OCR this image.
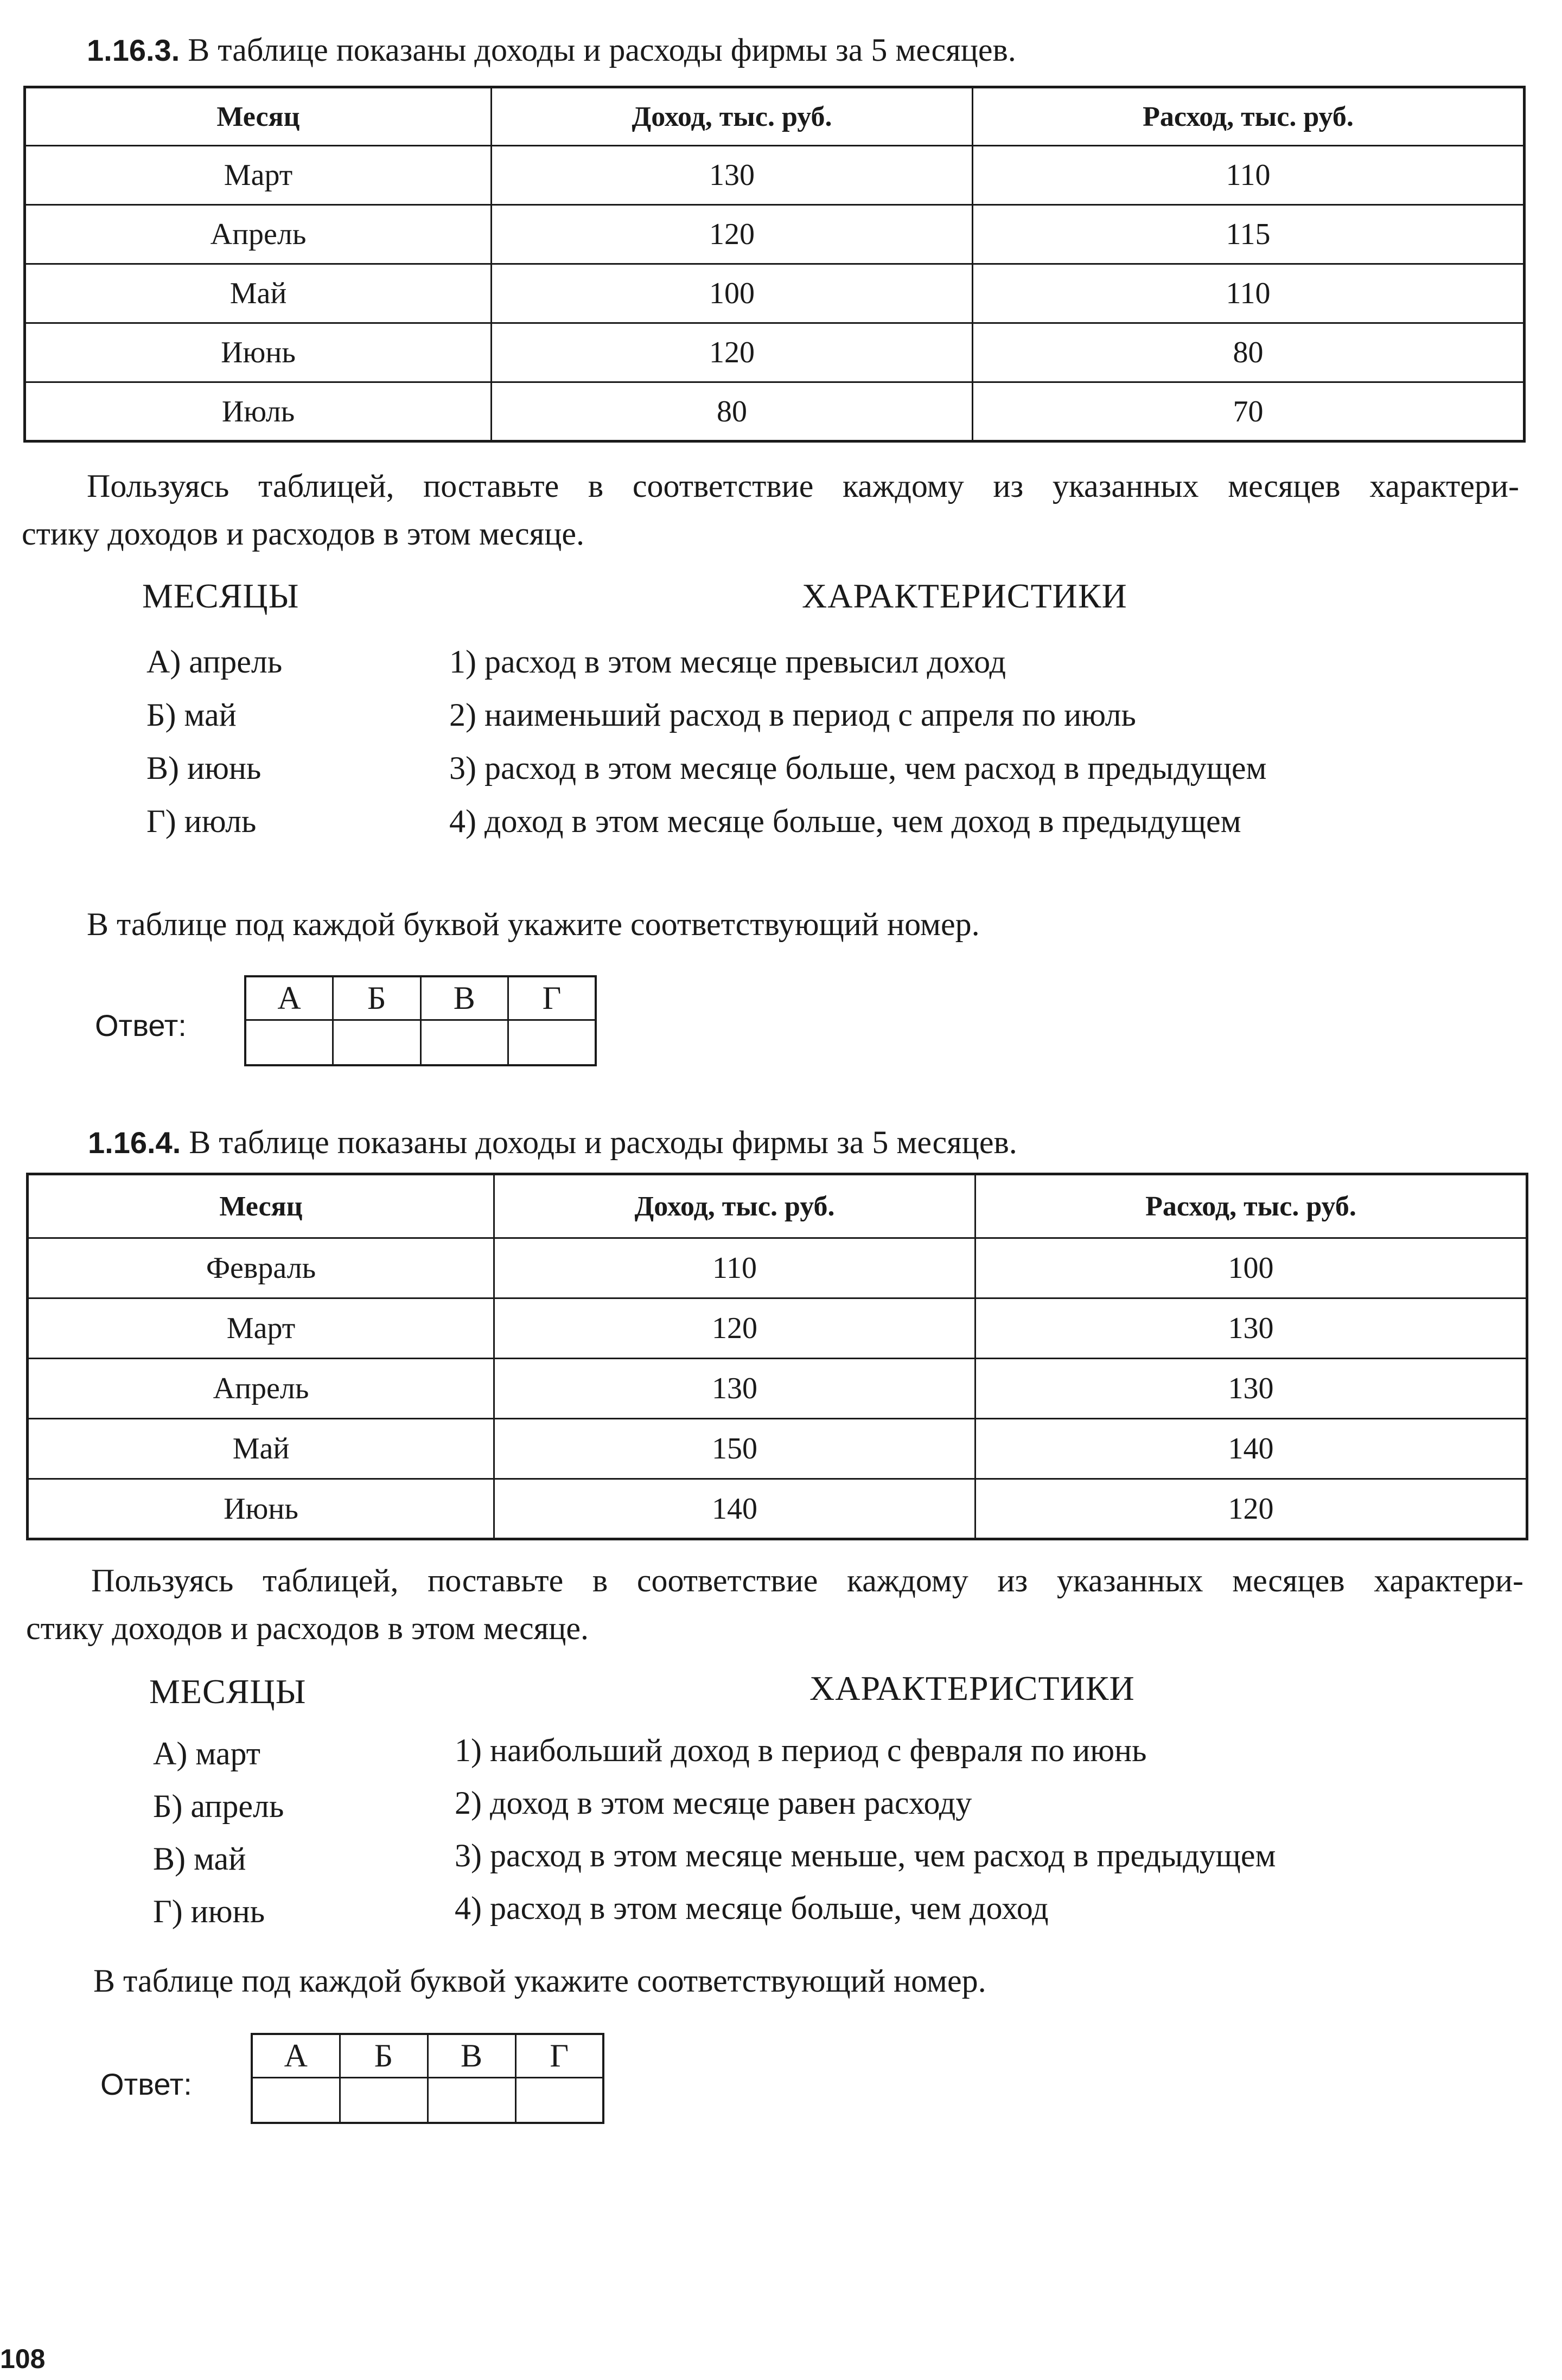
1.16.3. В таблице показаны доходы и расходы фирмы за 5 месяцев.
Месяц	Доход, тыс. руб.	Расход, тыс. руб.
Март	130	110
Апрель	120	115
Май	100	110
Июнь	120	80
Июль	80	70
Пользуясь таблицей, поставьте в соответствие каждому из указанных месяцев характери-
стику доходов и расходов в этом месяце.
МЕСЯЦЫ	ХАРАКТЕРИСТИКИ
А) апрель
Б) май
В) июнь
Г) июль
1) расход в этом месяце превысил доход
2) наименьший расход в период с апреля по июль
3) расход в этом месяце больше, чем расход в предыдущем
4) доход в этом месяце больше, чем доход в предыдущем
В таблице под каждой буквой укажите соответствующий номер.
Ответ:
А	Б	В	Г

1.16.4. В таблице показаны доходы и расходы фирмы за 5 месяцев.
Месяц	Доход, тыс. руб.	Расход, тыс. руб.
Февраль	110	100
Март	120	130
Апрель	130	130
Май	150	140
Июнь	140	120
Пользуясь таблицей, поставьте в соответствие каждому из указанных месяцев характери-
стику доходов и расходов в этом месяце.
МЕСЯЦЫ	ХАРАКТЕРИСТИКИ
А) март
Б) апрель
В) май
Г) июнь
1) наибольший доход в период с февраля по июнь
2) доход в этом месяце равен расходу
3) расход в этом месяце меньше, чем расход в предыдущем
4) расход в этом месяце больше, чем доход
В таблице под каждой буквой укажите соответствующий номер.
Ответ:
А	Б	В	Г

108
